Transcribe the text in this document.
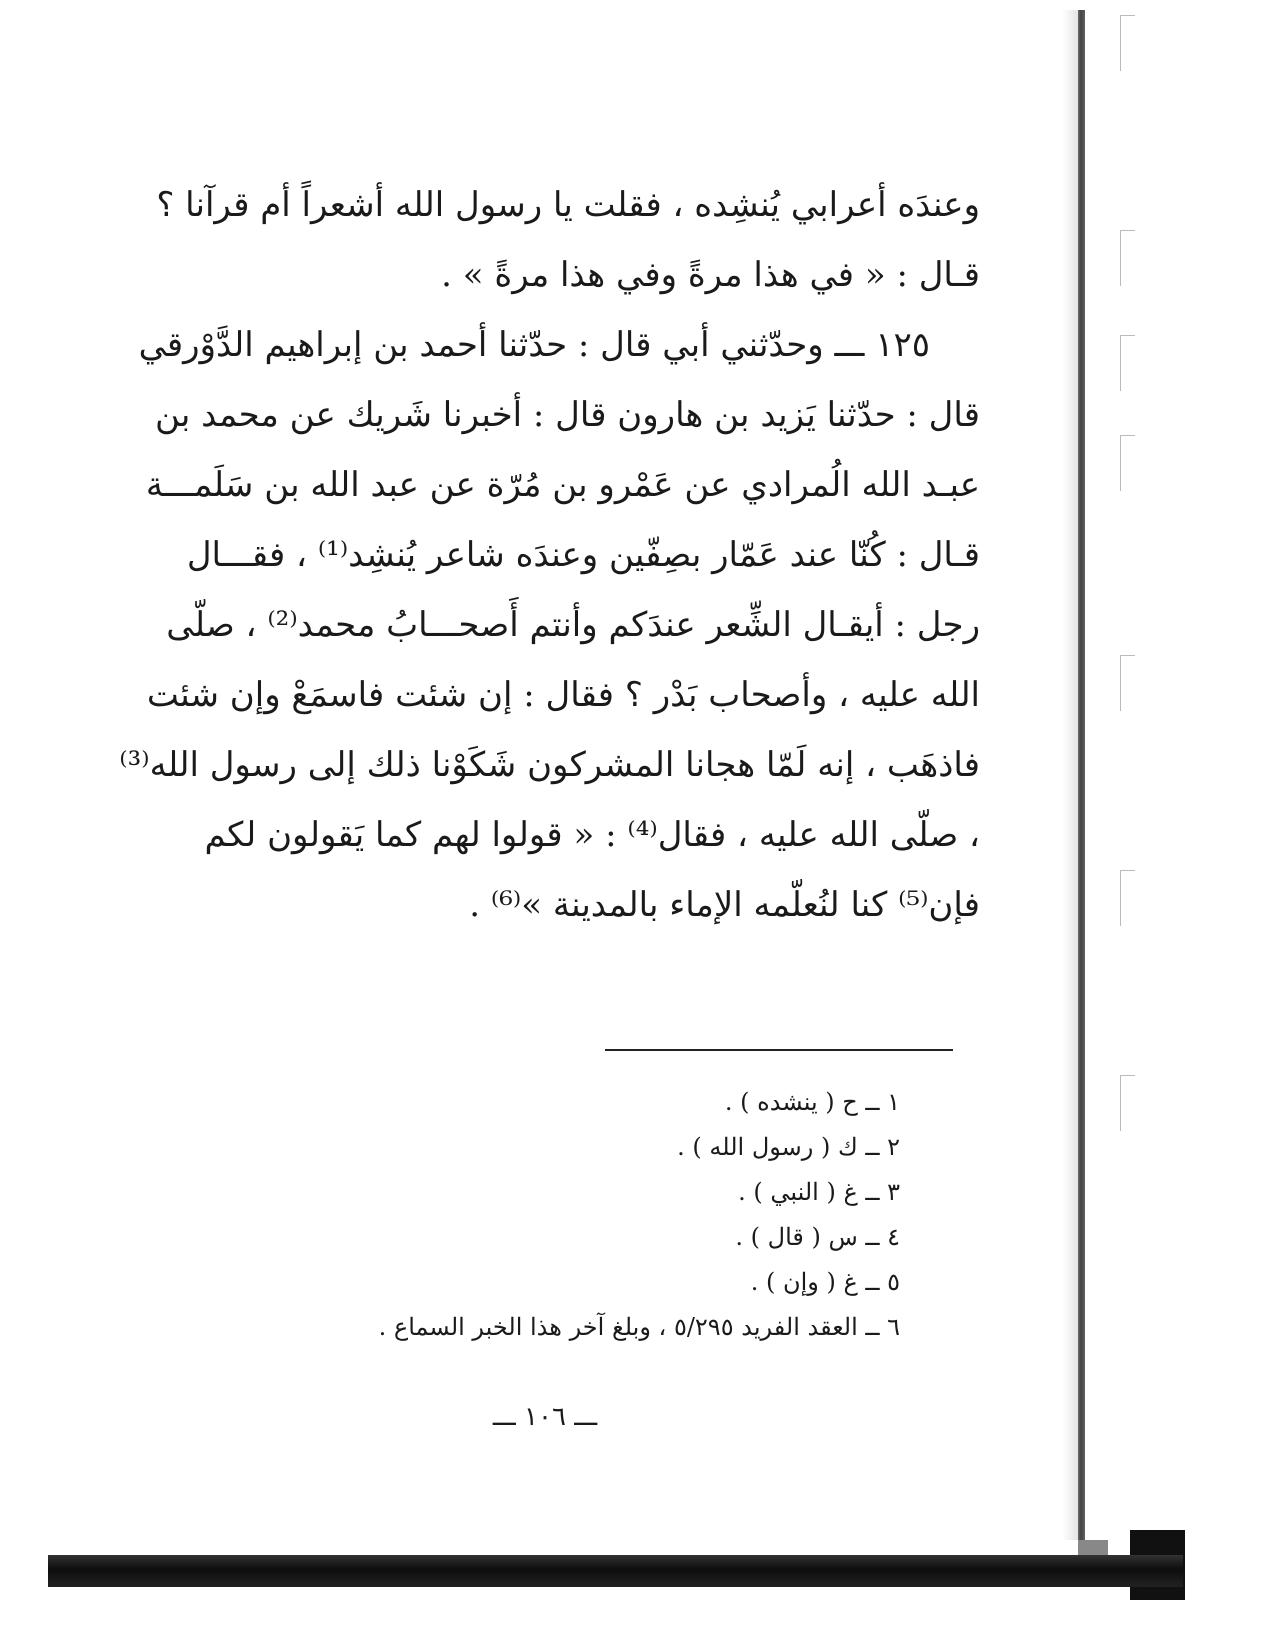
وعندَه أعرابي يُنشِده ، فقلت يا رسول الله أشعراً أم قرآنا ؟
قـال : « في هذا مرةً وفي هذا مرةً » .
١٢٥ ـــ وحدّثني أبي قال : حدّثنا أحمد بن إبراهيم الدَّوْرقي
قال : حدّثنا يَزيد بن هارون قال : أخبرنا شَريك عن محمد بن
عبـد الله الُمرادي عن عَمْرو بن مُرّة عن عبد الله بن سَلَمـــة
قـال : كُنّا عند عَمّار بصِفّين وعندَه شاعر يُنشِد⁽¹⁾ ، فقـــال
رجل : أيقـال الشِّعر عندَكم وأنتم أَصحـــابُ محمد⁽²⁾ ، صلّى
الله عليه ، وأصحاب بَدْر ؟ فقال : إن شئت فاسمَعْ وإن شئت
فاذهَب ، إنه لَمّا هجانا المشركون شَكَوْنا ذلك إلى رسول الله⁽³⁾
، صلّى الله عليه ، فقال⁽⁴⁾ : « قولوا لهم كما يَقولون لكم
فإن⁽⁵⁾ كنا لنُعلّمه الإماء بالمدينة »⁽⁶⁾ .
١ ــ ح ( ينشده ) .
٢ ــ ك ( رسول الله ) .
٣ ــ غ ( النبي ) .
٤ ــ س ( قال ) .
٥ ــ غ ( وإن ) .
٦ ــ العقد الفريد ٥/٢٩٥ ، وبلغ آخر هذا الخبر السماع .
ـــ ١٠٦ ـــ
